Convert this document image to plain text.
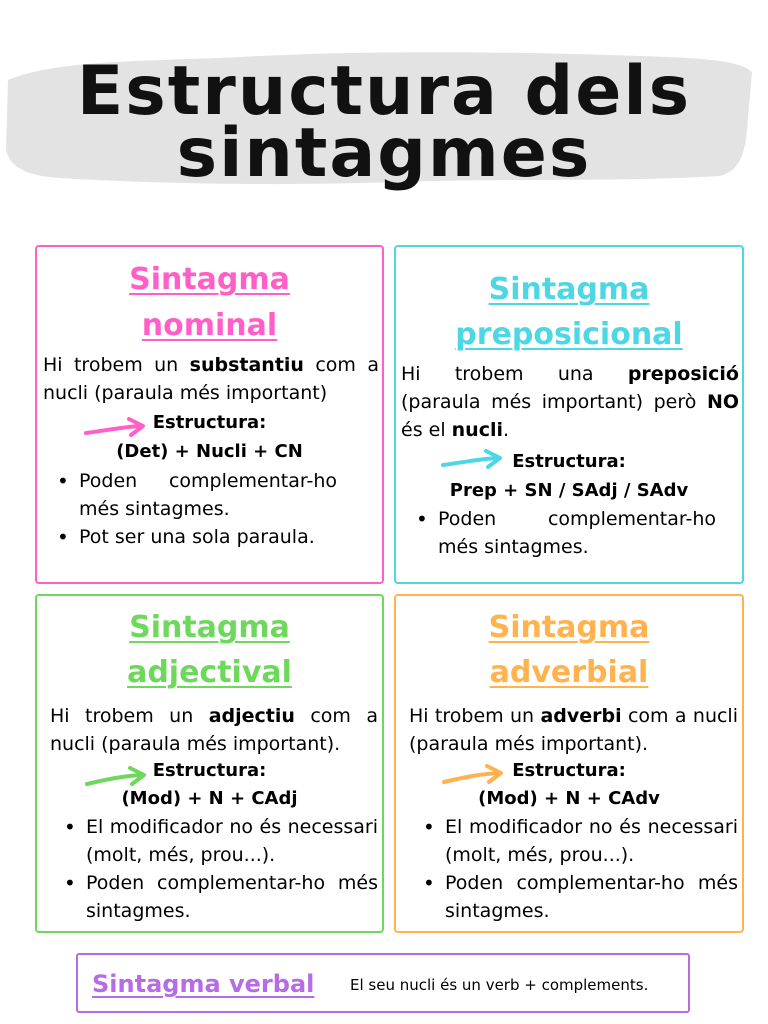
Estructura dels
sintagmes
Sintagma
nominal
Hi trobem un substantiu com a nucli (paraula més important)
Estructura:
(Det) + Nucli + CN
• Poden complementar-ho més sintagmes.
• Pot ser una sola paraula.
Sintagma
preposicional
Hi trobem una preposició (paraula més important) però NO és el nucli.
Estructura:
Prep + SN / SAdj / SAdv
• Poden complementar-ho més sintagmes.
Sintagma
adjectival
Hi trobem un adjectiu com a nucli (paraula més important).
Estructura:
(Mod) + N + CAdj
• El modificador no és necessari (molt, més, prou...).
• Poden complementar-ho més sintagmes.
Sintagma
adverbial
Hi trobem un adverbi com a nucli (paraula més important).
Estructura:
(Mod) + N + CAdv
• El modificador no és necessari (molt, més, prou...).
• Poden complementar-ho més sintagmes.
Sintagma verbal El seu nucli és un verb + complements.
